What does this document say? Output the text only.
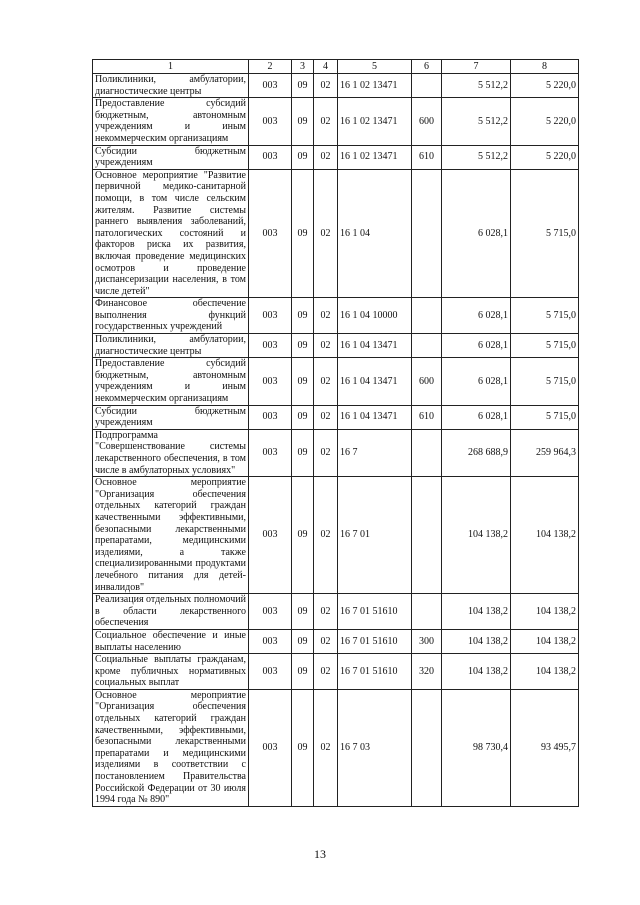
1	2	3	4	5	6	7	8
Поликлиники, амбулатории, диагностические центры	003	09	02	16 1 02 13471		5 512,2	5 220,0
Предоставление субсидий бюджетным, автономным учреждениям и иным некоммерческим организациям	003	09	02	16 1 02 13471	600	5 512,2	5 220,0
Субсидии бюджетным учреждениям	003	09	02	16 1 02 13471	610	5 512,2	5 220,0
Основное мероприятие "Развитие первичной медико-санитарной помощи, в том числе сельским жителям. Развитие системы раннего выявления заболеваний, патологических состояний и факторов риска их развития, включая проведение медицинских осмотров и проведение диспансеризации населения, в том числе детей"	003	09	02	16 1 04		6 028,1	5 715,0
Финансовое обеспечение выполнения функций государственных учреждений	003	09	02	16 1 04 10000		6 028,1	5 715,0
Поликлиники, амбулатории, диагностические центры	003	09	02	16 1 04 13471		6 028,1	5 715,0
Предоставление субсидий бюджетным, автономным учреждениям и иным некоммерческим организациям	003	09	02	16 1 04 13471	600	6 028,1	5 715,0
Субсидии бюджетным учреждениям	003	09	02	16 1 04 13471	610	6 028,1	5 715,0
Подпрограмма "Совершенствование системы лекарственного обеспечения, в том числе в амбулаторных условиях"	003	09	02	16 7		268 688,9	259 964,3
Основное мероприятие "Организация обеспечения отдельных категорий граждан качественными эффективными, безопасными лекарственными препаратами, медицинскими изделиями, а также специализированными продуктами лечебного питания для детей-инвалидов"	003	09	02	16 7 01		104 138,2	104 138,2
Реализация отдельных полномочий в области лекарственного обеспечения	003	09	02	16 7 01 51610		104 138,2	104 138,2
Социальное обеспечение и иные выплаты населению	003	09	02	16 7 01 51610	300	104 138,2	104 138,2
Социальные выплаты гражданам, кроме публичных нормативных социальных выплат	003	09	02	16 7 01 51610	320	104 138,2	104 138,2
Основное мероприятие "Организация обеспечения отдельных категорий граждан качественными, эффективными, безопасными лекарственными препаратами и медицинскими изделиями в соответствии с постановлением Правительства Российской Федерации от 30 июля 1994 года № 890"	003	09	02	16 7 03		98 730,4	93 495,7
13
